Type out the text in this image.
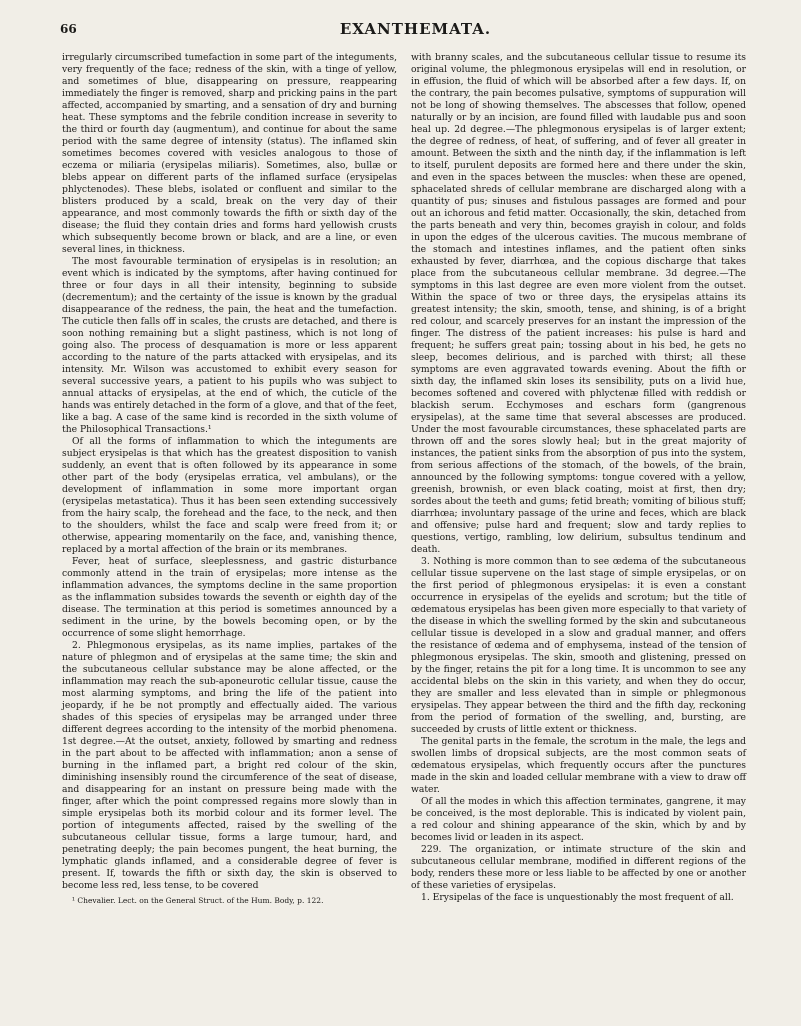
66	EXANTHEMATA.

irregularly circumscribed tumefaction in some part of the integuments, very frequently of the face; redness of the skin, with a tinge of yellow, and sometimes of blue, disappearing on pressure, reappearing immediately the finger is removed, sharp and pricking pains in the part affected, accompanied by smarting, and a sensation of dry and burning heat. These symptoms and the febrile condition increase in severity to the third or fourth day (augmentum), and continue for about the same period with the same degree of intensity (status). The inflamed skin sometimes becomes covered with vesicles analogous to those of eczema or miliaria (erysipelas miliaris). Sometimes, also, bullæ or blebs appear on different parts of the inflamed surface (erysipelas phlyctenodes). These blebs, isolated or confluent and similar to the blisters produced by a scald, break on the very day of their appearance, and most commonly towards the fifth or sixth day of the disease; the fluid they contain dries and forms hard yellowish crusts which subsequently become brown or black, and are a line, or even several lines, in thickness.

The most favourable termination of erysipelas is in resolution; an event which is indicated by the symptoms, after having continued for three or four days in all their intensity, beginning to subside (decrementum); and the certainty of the issue is known by the gradual disappearance of the redness, the pain, the heat and the tumefaction. The cuticle then falls off in scales, the crusts are detached, and there is soon nothing remaining but a slight pastiness, which is not long of going also. The process of desquamation is more or less apparent according to the nature of the parts attacked with erysipelas, and its intensity. Mr. Wilson was accustomed to exhibit every season for several successive years, a patient to his pupils who was subject to annual attacks of erysipelas, at the end of which, the cuticle of the hands was entirely detached in the form of a glove, and that of the feet, like a bag. A case of the same kind is recorded in the sixth volume of the Philosophical Transactions.¹

Of all the forms of inflammation to which the integuments are subject erysipelas is that which has the greatest disposition to vanish suddenly, an event that is often followed by its appearance in some other part of the body (erysipelas erratica, vel ambulans), or the development of inflammation in some more important organ (erysipelas metastatica). Thus it has been seen extending successively from the hairy scalp, the forehead and the face, to the neck, and then to the shoulders, whilst the face and scalp were freed from it; or otherwise, appearing momentarily on the face, and, vanishing thence, replaced by a mortal affection of the brain or its membranes.

Fever, heat of surface, sleeplessness, and gastric disturbance commonly attend in the train of erysipelas; more intense as the inflammation advances, the symptoms decline in the same proportion as the inflammation subsides towards the seventh or eighth day of the disease. The termination at this period is sometimes announced by a sediment in the urine, by the bowels becoming open, or by the occurrence of some slight hemorrhage.

2. Phlegmonous erysipelas, as its name implies, partakes of the nature of phlegmon and of erysipelas at the same time; the skin and the subcutaneous cellular substance may be alone affected, or the inflammation may reach the sub-aponeurotic cellular tissue, cause the most alarming symptoms, and bring the life of the patient into jeopardy, if he be not promptly and effectually aided. The various shades of this species of erysipelas may be arranged under three different degrees according to the intensity of the morbid phenomena. 1st degree.—At the outset, anxiety, followed by smarting and redness in the part about to be affected with inflammation; anon a sense of burning in the inflamed part, a bright red colour of the skin, diminishing insensibly round the circumference of the seat of disease, and disappearing for an instant on pressure being made with the finger, after which the point compressed regains more slowly than in simple erysipelas both its morbid colour and its former level. The portion of integuments affected, raised by the swelling of the subcutaneous cellular tissue, forms a large tumour, hard, and penetrating deeply; the pain becomes pungent, the heat burning, the lymphatic glands inflamed, and a considerable degree of fever is present. If, towards the fifth or sixth day, the skin is observed to become less red, less tense, to be covered

¹ Chevalier. Lect. on the General Struct. of the Hum. Body, p. 122.

with branny scales, and the subcutaneous cellular tissue to resume its original volume, the phlegmonous erysipelas will end in resolution, or in effusion, the fluid of which will be absorbed after a few days. If, on the contrary, the pain becomes pulsative, symptoms of suppuration will not be long of showing themselves. The abscesses that follow, opened naturally or by an incision, are found filled with laudable pus and soon heal up. 2d degree.—The phlegmonous erysipelas is of larger extent; the degree of redness, of heat, of suffering, and of fever all greater in amount. Between the sixth and the ninth day, if the inflammation is left to itself, purulent deposits are formed here and there under the skin, and even in the spaces between the muscles: when these are opened, sphacelated shreds of cellular membrane are discharged along with a quantity of pus; sinuses and fistulous passages are formed and pour out an ichorous and fetid matter. Occasionally, the skin, detached from the parts beneath and very thin, becomes grayish in colour, and folds in upon the edges of the ulcerous cavities. The mucous membrane of the stomach and intestines inflames, and the patient often sinks exhausted by fever, diarrhœa, and the copious discharge that takes place from the subcutaneous cellular membrane. 3d degree.—The symptoms in this last degree are even more violent from the outset. Within the space of two or three days, the erysipelas attains its greatest intensity; the skin, smooth, tense, and shining, is of a bright red colour, and scarcely preserves for an instant the impression of the finger. The distress of the patient increases: his pulse is hard and frequent; he suffers great pain; tossing about in his bed, he gets no sleep, becomes delirious, and is parched with thirst; all these symptoms are even aggravated towards evening. About the fifth or sixth day, the inflamed skin loses its sensibility, puts on a livid hue, becomes softened and covered with phlyctenæ filled with reddish or blackish serum. Ecchymoses and eschars form (gangrenous erysipelas), at the same time that several abscesses are produced. Under the most favourable circumstances, these sphacelated parts are thrown off and the sores slowly heal; but in the great majority of instances, the patient sinks from the absorption of pus into the system, from serious affections of the stomach, of the bowels, of the brain, announced by the following symptoms: tongue covered with a yellow, greenish, brownish, or even black coating, moist at first, then dry; sordes about the teeth and gums; fetid breath; vomiting of bilious stuff; diarrhœa; involuntary passage of the urine and feces, which are black and offensive; pulse hard and frequent; slow and tardy replies to questions, vertigo, rambling, low delirium, subsultus tendinum and death.

3. Nothing is more common than to see œdema of the subcutaneous cellular tissue supervene on the last stage of simple erysipelas, or on the first period of phlegmonous erysipelas: it is even a constant occurrence in erysipelas of the eyelids and scrotum; but the title of œdematous erysipelas has been given more especially to that variety of the disease in which the swelling formed by the skin and subcutaneous cellular tissue is developed in a slow and gradual manner, and offers the resistance of œdema and of emphysema, instead of the tension of phlegmonous erysipelas. The skin, smooth and glistening, pressed on by the finger, retains the pit for a long time. It is uncommon to see any accidental blebs on the skin in this variety, and when they do occur, they are smaller and less elevated than in simple or phlegmonous erysipelas. They appear between the third and the fifth day, reckoning from the period of formation of the swelling, and, bursting, are succeeded by crusts of little extent or thickness.

The genital parts in the female, the scrotum in the male, the legs and swollen limbs of dropsical subjects, are the most common seats of œdematous erysipelas, which frequently occurs after the punctures made in the skin and loaded cellular membrane with a view to draw off water.

Of all the modes in which this affection terminates, gangrene, it may be conceived, is the most deplorable. This is indicated by violent pain, a red colour and shining appearance of the skin, which by and by becomes livid or leaden in its aspect.

229. The organization, or intimate structure of the skin and subcutaneous cellular membrane, modified in different regions of the body, renders these more or less liable to be affected by one or another of these varieties of erysipelas.

1. Erysipelas of the face is unquestionably the most frequent of all.
